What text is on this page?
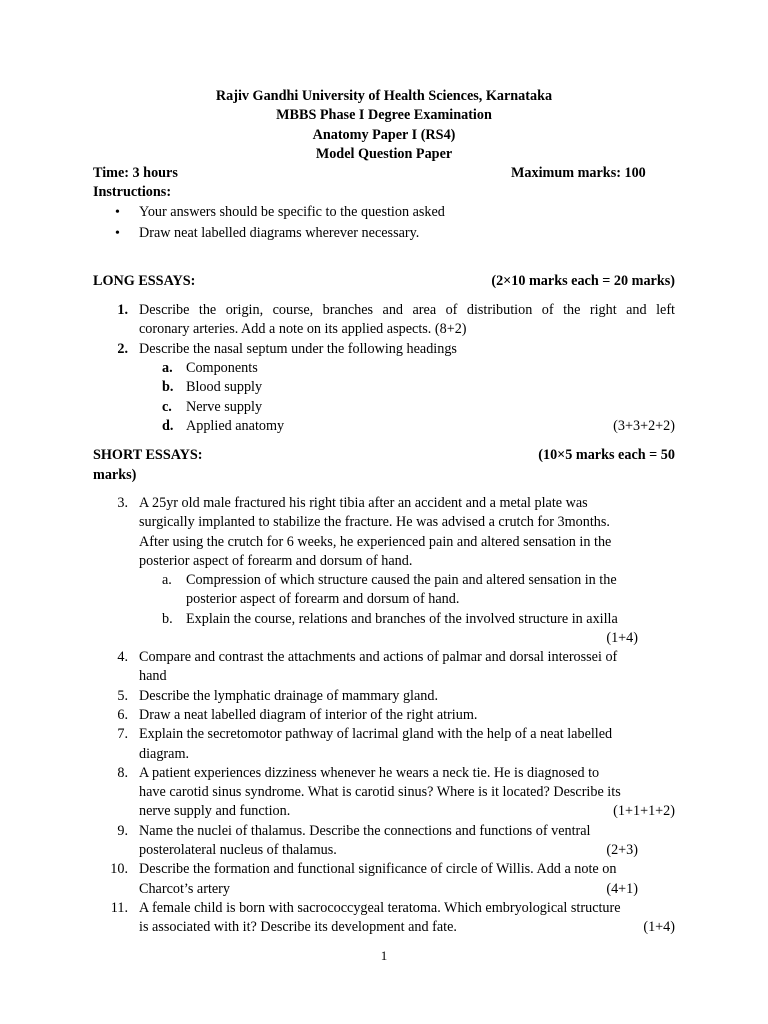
Rajiv Gandhi University of Health Sciences, Karnataka
MBBS Phase I Degree Examination
Anatomy Paper I (RS4)
Model Question Paper
Time: 3 hours	Maximum marks: 100
Instructions:
• Your answers should be specific to the question asked
• Draw neat labelled diagrams wherever necessary.
LONG ESSAYS:	(2×10 marks each = 20 marks)
1. Describe the origin, course, branches and area of distribution of the right and left
coronary arteries. Add a note on its applied aspects. (8+2)
2. Describe the nasal septum under the following headings
a. Components
b. Blood supply
c. Nerve supply
d. Applied anatomy	(3+3+2+2)
SHORT ESSAYS:	(10×5 marks each = 50
marks)
3. A 25yr old male fractured his right tibia after an accident and a metal plate was
surgically implanted to stabilize the fracture. He was advised a crutch for 3months.
After using the crutch for 6 weeks, he experienced pain and altered sensation in the
posterior aspect of forearm and dorsum of hand.
a. Compression of which structure caused the pain and altered sensation in the
posterior aspect of forearm and dorsum of hand.
b. Explain the course, relations and branches of the involved structure in axilla
(1+4)
4. Compare and contrast the attachments and actions of palmar and dorsal interossei of
hand
5. Describe the lymphatic drainage of mammary gland.
6. Draw a neat labelled diagram of interior of the right atrium.
7. Explain the secretomotor pathway of lacrimal gland with the help of a neat labelled
diagram.
8. A patient experiences dizziness whenever he wears a neck tie. He is diagnosed to
have carotid sinus syndrome. What is carotid sinus? Where is it located? Describe its
nerve supply and function.	(1+1+1+2)
9. Name the nuclei of thalamus. Describe the connections and functions of ventral
posterolateral nucleus of thalamus.	(2+3)
10. Describe the formation and functional significance of circle of Willis. Add a note on
Charcot’s artery	(4+1)
11. A female child is born with sacrococcygeal teratoma. Which embryological structure
is associated with it? Describe its development and fate.	(1+4)
1
